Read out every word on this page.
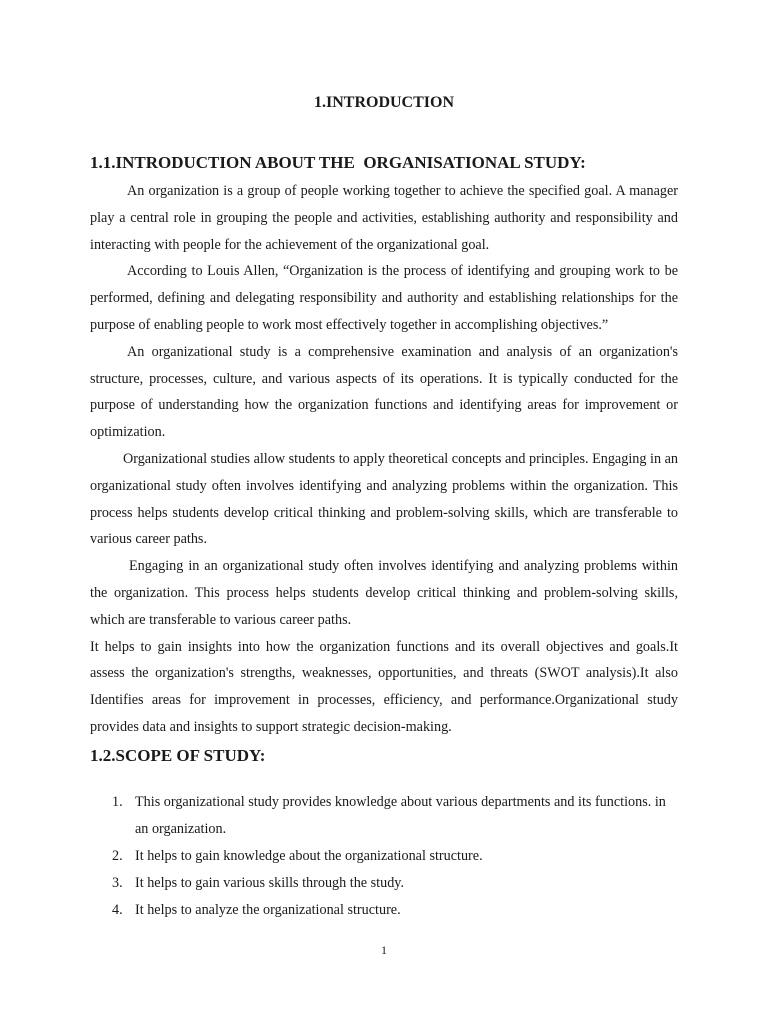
1.INTRODUCTION
1.1.INTRODUCTION ABOUT THE  ORGANISATIONAL STUDY:

An organization is a group of people working together to achieve the specified goal. A manager play a central role in grouping the people and activities, establishing authority and responsibility and interacting with people for the achievement of the organizational goal.

According to Louis Allen, “Organization is the process of identifying and grouping work to be performed, defining and delegating responsibility and authority and establishing relationships for the purpose of enabling people to work most effectively together in accomplishing objectives.”

An organizational study is a comprehensive examination and analysis of an organization's structure, processes, culture, and various aspects of its operations. It is typically conducted for the purpose of understanding how the organization functions and identifying areas for improvement or optimization.

Organizational studies allow students to apply theoretical concepts and principles. Engaging in an organizational study often involves identifying and analyzing problems within the organization. This process helps students develop critical thinking and problem-solving skills, which are transferable to various career paths.

Engaging in an organizational study often involves identifying and analyzing problems within the organization. This process helps students develop critical thinking and problem-solving skills, which are transferable to various career paths.

It helps to gain insights into how the organization functions and its overall objectives and goals.It assess the organization's strengths, weaknesses, opportunities, and threats (SWOT analysis).It also Identifies areas for improvement in processes, efficiency, and performance.Organizational study provides data and insights to support strategic decision-making.

1.2.SCOPE OF STUDY:
1. This organizational study provides knowledge about various departments and its functions. in an organization.
2. It helps to gain knowledge about the organizational structure.
3. It helps to gain various skills through the study.
4. It helps to analyze the organizational structure.
1
